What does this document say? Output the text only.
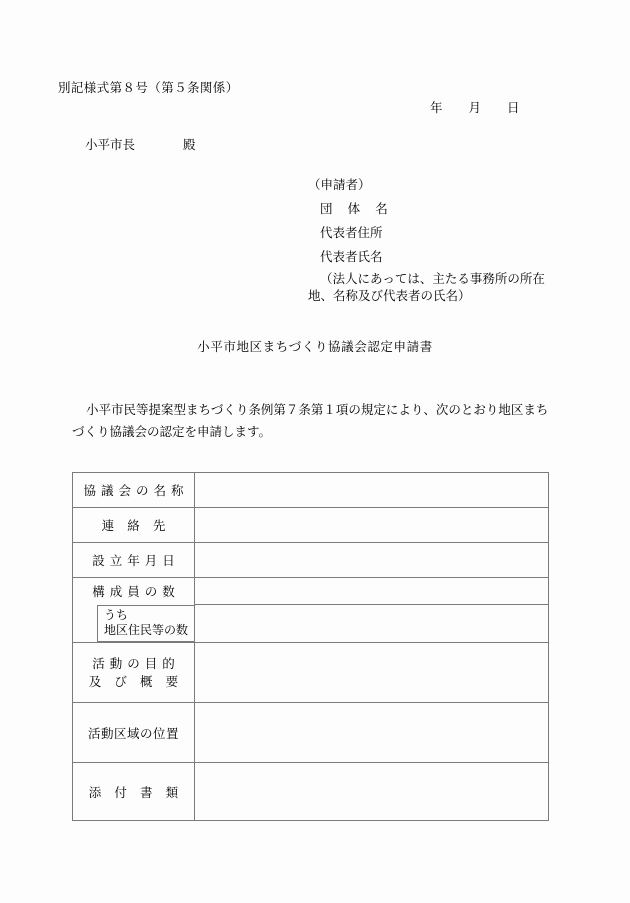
別記様式第８号（第５条関係）
年 月 日
小平市長	殿
（申請者）
団 体 名
代表者住所
代表者氏名
（法人にあっては、主たる事務所の所在地、名称及び代表者の氏名）
小平市地区まちづくり協議会認定申請書
小平市民等提案型まちづくり条例第７条第１項の規定により、次のとおり地区まちづくり協議会の認定を申請します。
協議会の名称	

連 絡 先	

設立年月日	

構成員の数	

うち
地区住民等の数	

活動の目的
及 び 概 要	

活動区域の位置	

添 付 書 類	
